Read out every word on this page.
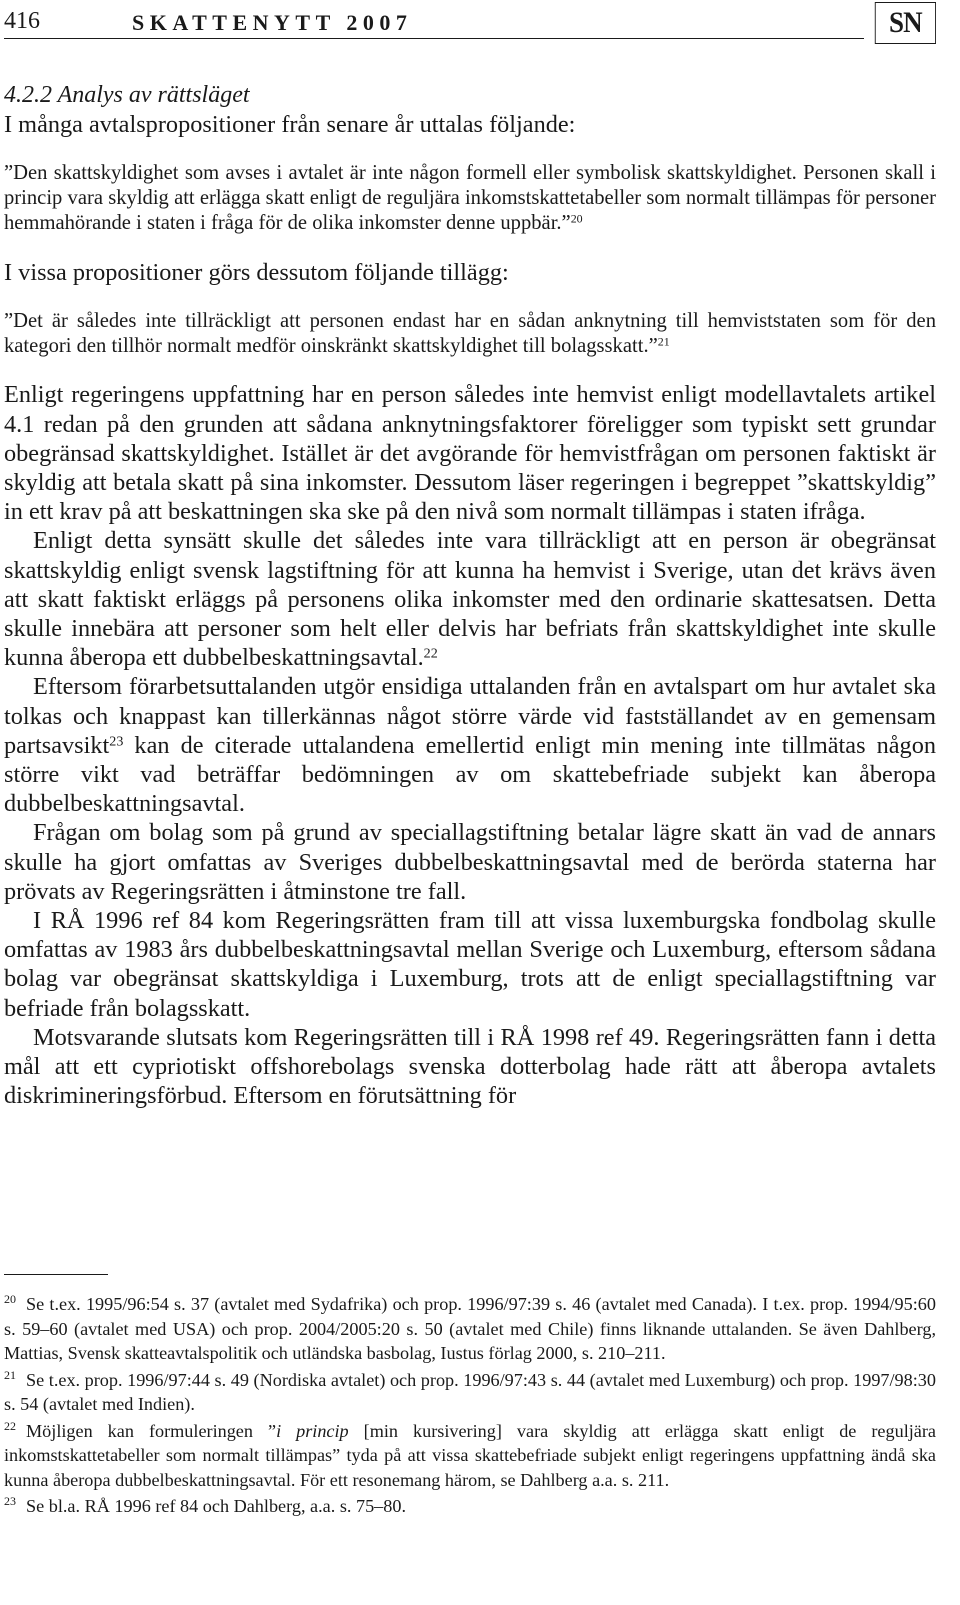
416	SKATTENYTT 2007	SN
4.2.2 Analys av rättsläget

I många avtalspropositioner från senare år uttalas följande:

”Den skattskyldighet som avses i avtalet är inte någon formell eller symbolisk skattskyldighet. Personen skall i princip vara skyldig att erlägga skatt enligt de reguljära inkomstskattetabeller som normalt tillämpas för personer hemmahörande i staten i fråga för de olika inkomster denne uppbär.”$^{20}$

I vissa propositioner görs dessutom följande tillägg:

”Det är således inte tillräckligt att personen endast har en sådan anknytning till hemviststaten som för den kategori den tillhör normalt medför oinskränkt skattskyldighet till bolagsskatt.”$^{21}$

Enligt regeringens uppfattning har en person således inte hemvist enligt modellavtalets artikel 4.1 redan på den grunden att sådana anknytningsfaktorer föreligger som typiskt sett grundar obegränsad skattskyldighet. Istället är det avgörande för hemvistfrågan om personen faktiskt är skyldig att betala skatt på sina inkomster. Dessutom läser regeringen i begreppet ”skattskyldig” in ett krav på att beskattningen ska ske på den nivå som normalt tillämpas i staten ifråga.

Enligt detta synsätt skulle det således inte vara tillräckligt att en person är obegränsat skattskyldig enligt svensk lagstiftning för att kunna ha hemvist i Sverige, utan det krävs även att skatt faktiskt erläggs på personens olika inkomster med den ordinarie skattesatsen. Detta skulle innebära att personer som helt eller delvis har befriats från skattskyldighet inte skulle kunna åberopa ett dubbelbeskattningsavtal.$^{22}$

Eftersom förarbetsuttalanden utgör ensidiga uttalanden från en avtalspart om hur avtalet ska tolkas och knappast kan tillerkännas något större värde vid fastställandet av en gemensam partsavsikt$^{23}$ kan de citerade uttalandena emellertid enligt min mening inte tillmätas någon större vikt vad beträffar bedömningen av om skattebefriade subjekt kan åberopa dubbelbeskattningsavtal.

Frågan om bolag som på grund av speciallagstiftning betalar lägre skatt än vad de annars skulle ha gjort omfattas av Sveriges dubbelbeskattningsavtal med de berörda staterna har prövats av Regeringsrätten i åtminstone tre fall.

I RÅ 1996 ref 84 kom Regeringsrätten fram till att vissa luxemburgska fondbolag skulle omfattas av 1983 års dubbelbeskattningsavtal mellan Sverige och Luxemburg, eftersom sådana bolag var obegränsat skattskyldiga i Luxemburg, trots att de enligt speciallagstiftning var befriade från bolagsskatt.

Motsvarande slutsats kom Regeringsrätten till i RÅ 1998 ref 49. Regeringsrätten fann i detta mål att ett cypriotiskt offshorebolags svenska dotterbolag hade rätt att åberopa avtalets diskrimineringsförbud. Eftersom en förutsättning för

$^{20}$ Se t.ex. 1995/96:54 s. 37 (avtalet med Sydafrika) och prop. 1996/97:39 s. 46 (avtalet med Canada). I t.ex. prop. 1994/95:60 s. 59–60 (avtalet med USA) och prop. 2004/2005:20 s. 50 (avtalet med Chile) finns liknande uttalanden. Se även Dahlberg, Mattias, Svensk skatteavtalspolitik och utländska basbolag, Iustus förlag 2000, s. 210–211.

$^{21}$ Se t.ex. prop. 1996/97:44 s. 49 (Nordiska avtalet) och prop. 1996/97:43 s. 44 (avtalet med Luxemburg) och prop. 1997/98:30 s. 54 (avtalet med Indien).

$^{22}$ Möjligen kan formuleringen ”i princip [min kursivering] vara skyldig att erlägga skatt enligt de reguljära inkomstskattetabeller som normalt tillämpas” tyda på att vissa skattebefriade subjekt enligt regeringens uppfattning ändå ska kunna åberopa dubbelbeskattningsavtal. För ett resonemang härom, se Dahlberg a.a. s. 211.

$^{23}$ Se bl.a. RÅ 1996 ref 84 och Dahlberg, a.a. s. 75–80.
